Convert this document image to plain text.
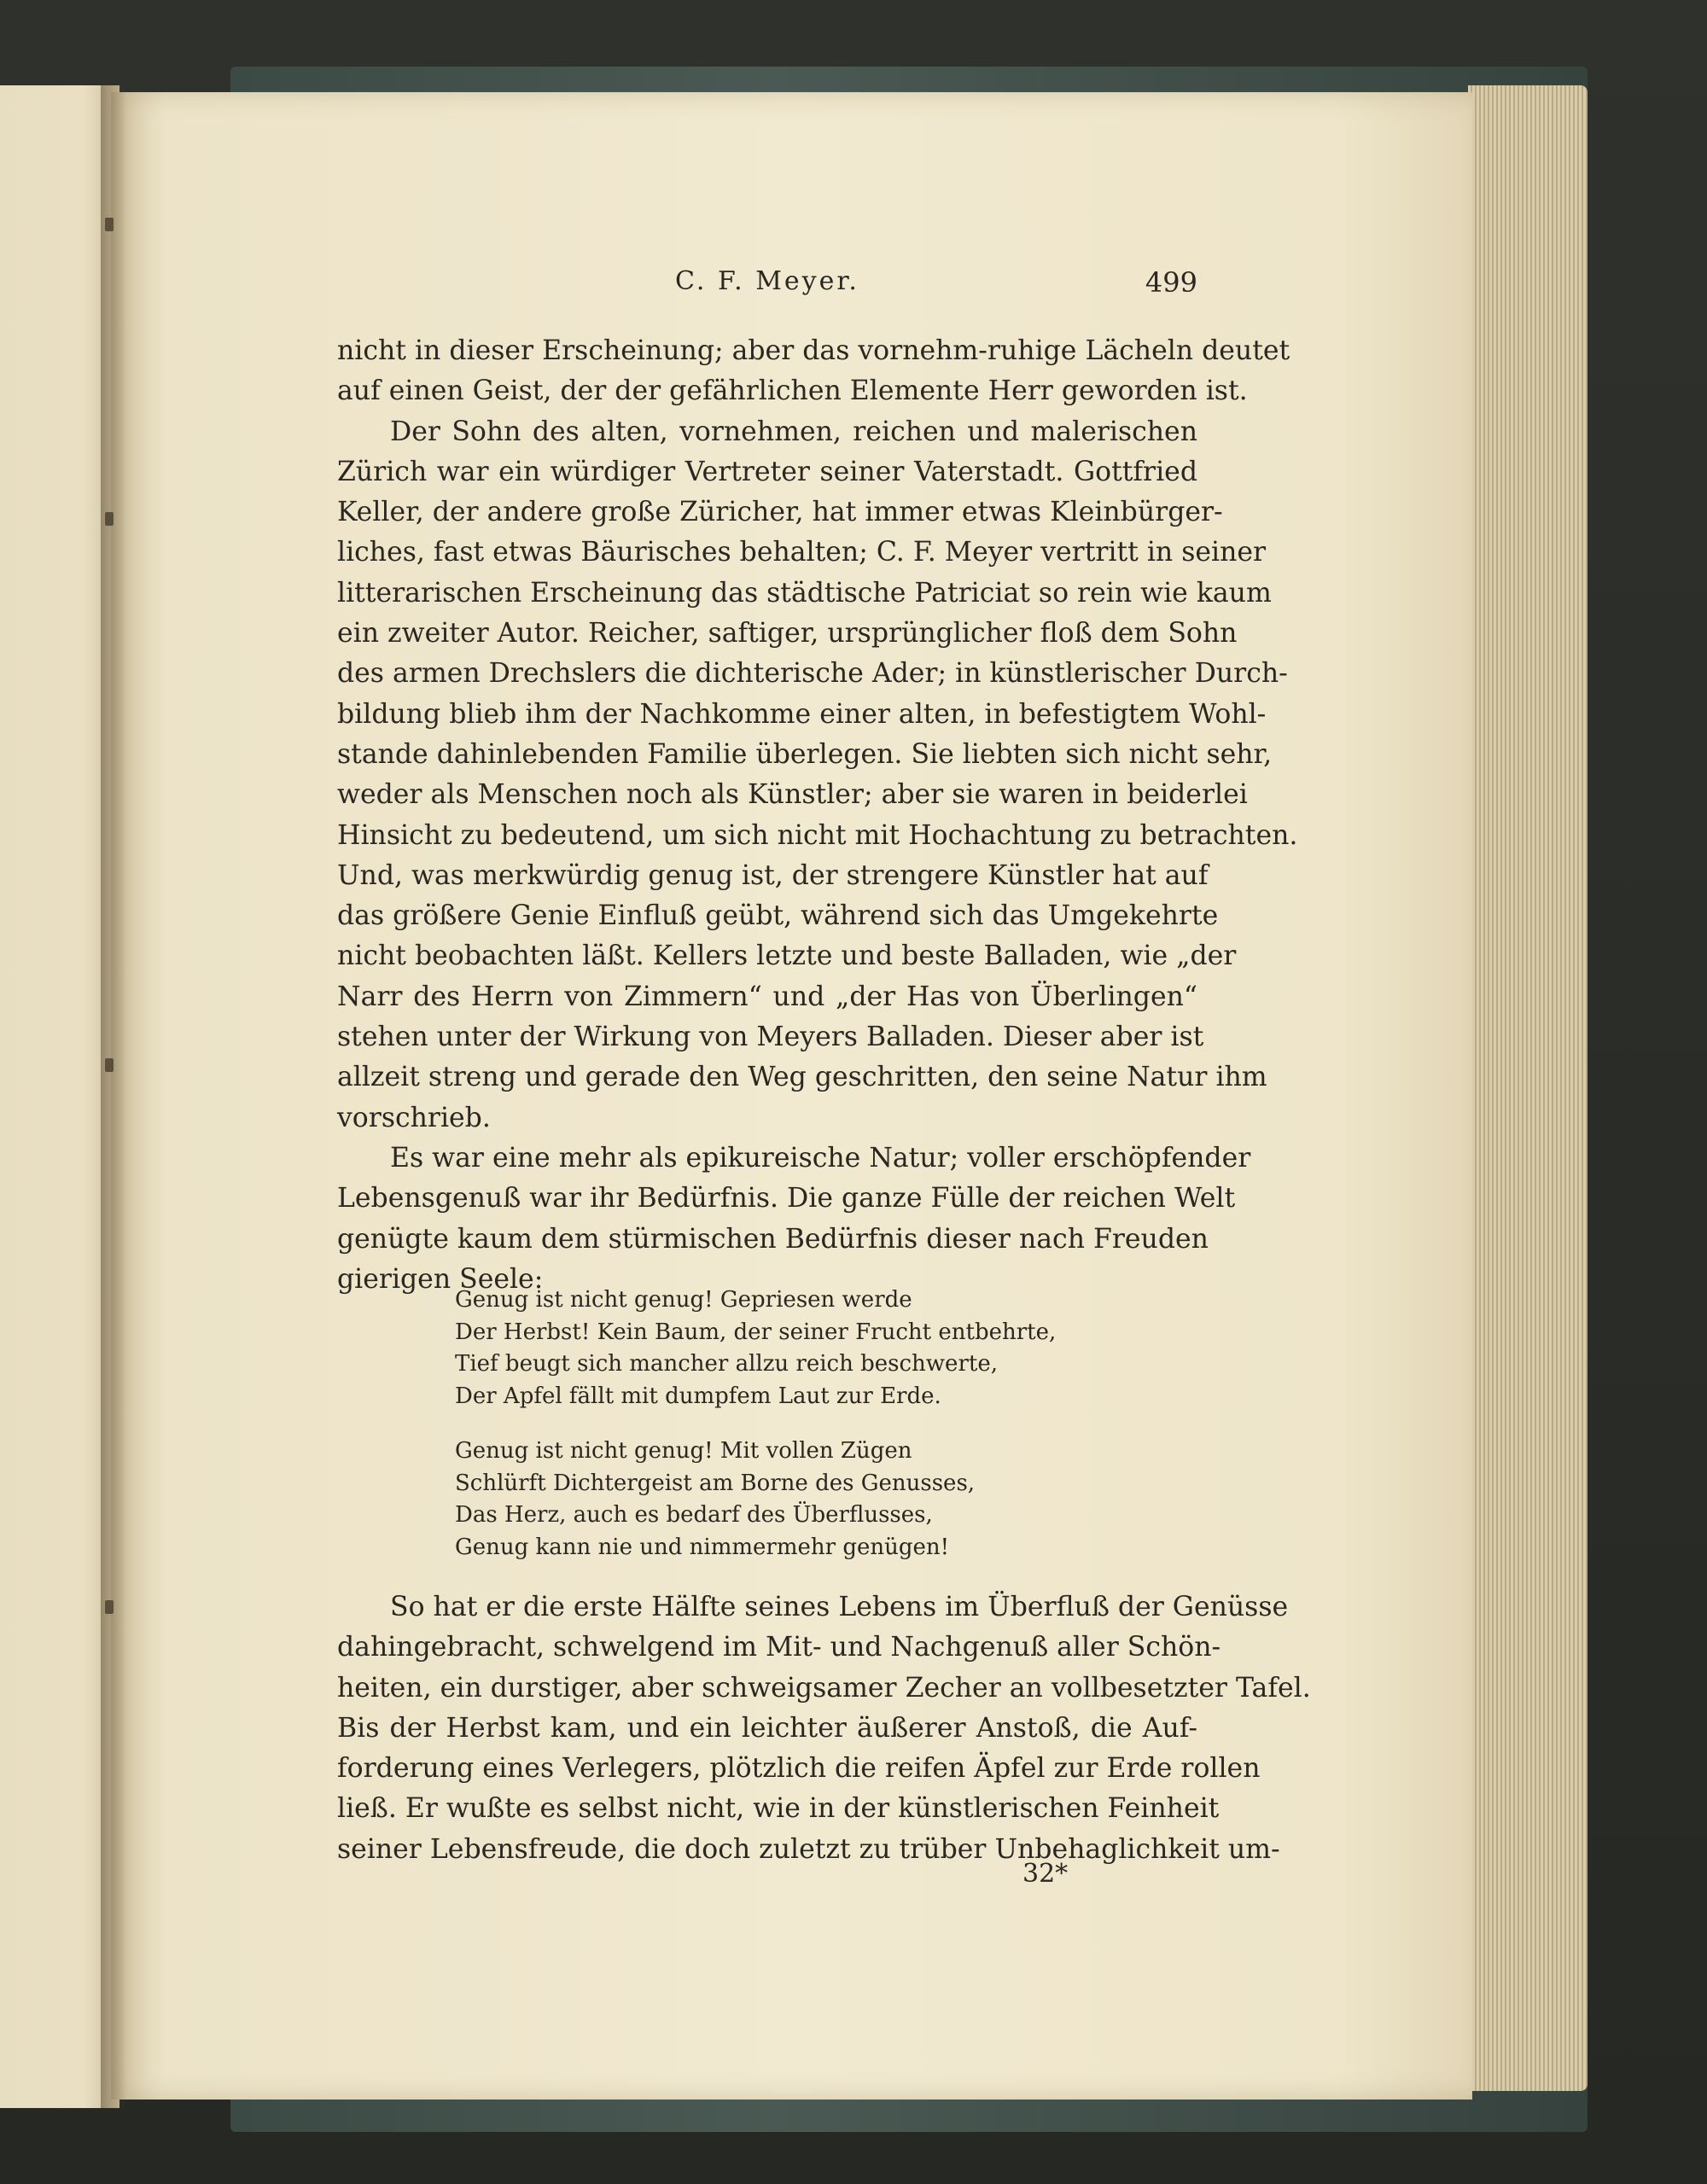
C. F. Meyer.	499
nicht in dieser Erscheinung; aber das vornehm-ruhige Lächeln deutet
auf einen Geist, der der gefährlichen Elemente Herr geworden ist.
Der Sohn des alten, vornehmen, reichen und malerischen
Zürich war ein würdiger Vertreter seiner Vaterstadt. Gottfried
Keller, der andere große Züricher, hat immer etwas Kleinbürger-
liches, fast etwas Bäurisches behalten; C. F. Meyer vertritt in seiner
litterarischen Erscheinung das städtische Patriciat so rein wie kaum
ein zweiter Autor. Reicher, saftiger, ursprünglicher floß dem Sohn
des armen Drechslers die dichterische Ader; in künstlerischer Durch-
bildung blieb ihm der Nachkomme einer alten, in befestigtem Wohl-
stande dahinlebenden Familie überlegen. Sie liebten sich nicht sehr,
weder als Menschen noch als Künstler; aber sie waren in beiderlei
Hinsicht zu bedeutend, um sich nicht mit Hochachtung zu betrachten.
Und, was merkwürdig genug ist, der strengere Künstler hat auf
das größere Genie Einfluß geübt, während sich das Umgekehrte
nicht beobachten läßt. Kellers letzte und beste Balladen, wie „der
Narr des Herrn von Zimmern“ und „der Has von Überlingen“
stehen unter der Wirkung von Meyers Balladen. Dieser aber ist
allzeit streng und gerade den Weg geschritten, den seine Natur ihm
vorschrieb.
Es war eine mehr als epikureische Natur; voller erschöpfender
Lebensgenuß war ihr Bedürfnis. Die ganze Fülle der reichen Welt
genügte kaum dem stürmischen Bedürfnis dieser nach Freuden
gierigen Seele:
Genug ist nicht genug! Gepriesen werde
Der Herbst! Kein Baum, der seiner Frucht entbehrte,
Tief beugt sich mancher allzu reich beschwerte,
Der Apfel fällt mit dumpfem Laut zur Erde.
Genug ist nicht genug! Mit vollen Zügen
Schlürft Dichtergeist am Borne des Genusses,
Das Herz, auch es bedarf des Überflusses,
Genug kann nie und nimmermehr genügen!
So hat er die erste Hälfte seines Lebens im Überfluß der Genüsse
dahingebracht, schwelgend im Mit- und Nachgenuß aller Schön-
heiten, ein durstiger, aber schweigsamer Zecher an vollbesetzter Tafel.
Bis der Herbst kam, und ein leichter äußerer Anstoß, die Auf-
forderung eines Verlegers, plötzlich die reifen Äpfel zur Erde rollen
ließ. Er wußte es selbst nicht, wie in der künstlerischen Feinheit
seiner Lebensfreude, die doch zuletzt zu trüber Unbehaglichkeit um-
32*
